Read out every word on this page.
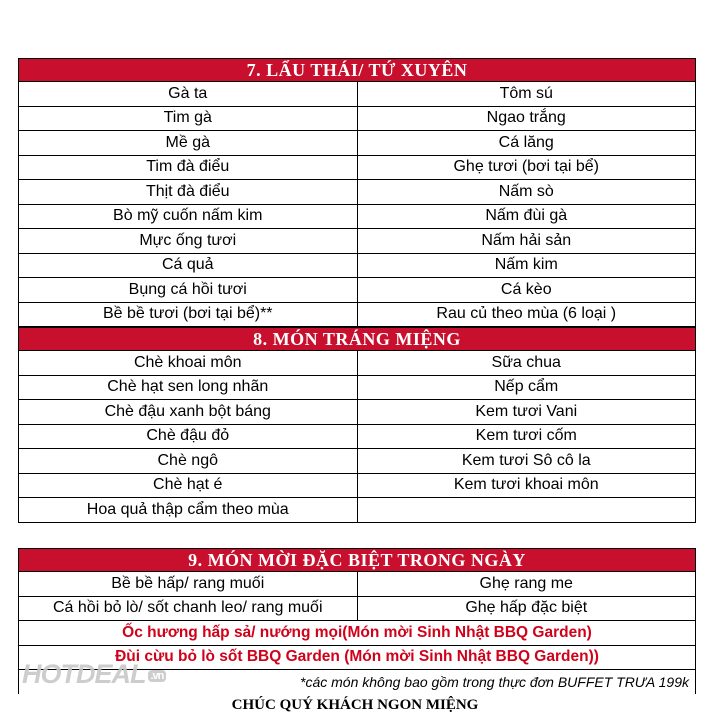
7. LẨU THÁI/ TỨ XUYÊN	
Gà ta	Tôm sú
Tim gà	Ngao trắng
Mề gà	Cá lăng
Tim đà điểu	Ghẹ tươi (bơi tại bể)
Thịt đà điểu	Nấm sò
Bò mỹ cuốn nấm kim	Nấm đùi gà
Mực ống tươi	Nấm hải sản
Cá quả	Nấm kim
Bụng cá hồi tươi	Cá kèo
Bề bề tươi (bơi tại bể)**	Rau củ theo mùa (6 loại )
8. MÓN TRÁNG MIỆNG	
Chè khoai môn	Sữa chua
Chè hạt sen long nhãn	Nếp cẩm
Chè đậu xanh bột báng	Kem tươi Vani
Chè đậu đỏ	Kem tươi cốm
Chè ngô	Kem tươi Sô cô la
Chè hạt é	Kem tươi khoai môn
Hoa quả thập cẩm theo mùa	
9. MÓN MỜI ĐẶC BIỆT TRONG NGÀY	
Bề bề hấp/ rang muối	Ghẹ rang me
Cá hồi bỏ lò/ sốt chanh leo/ rang muối	Ghẹ hấp đặc biệt
Ốc hương hấp sả/ nướng mọi(Món mời Sinh Nhật BBQ Garden)	
Đùi cừu bỏ lò sốt BBQ Garden (Món mời Sinh Nhật BBQ Garden))	
*các món không bao gồm trong thực đơn BUFFET TRƯA 199k	
HOTDEAL .vn
CHÚC QUÝ KHÁCH NGON MIỆNG
